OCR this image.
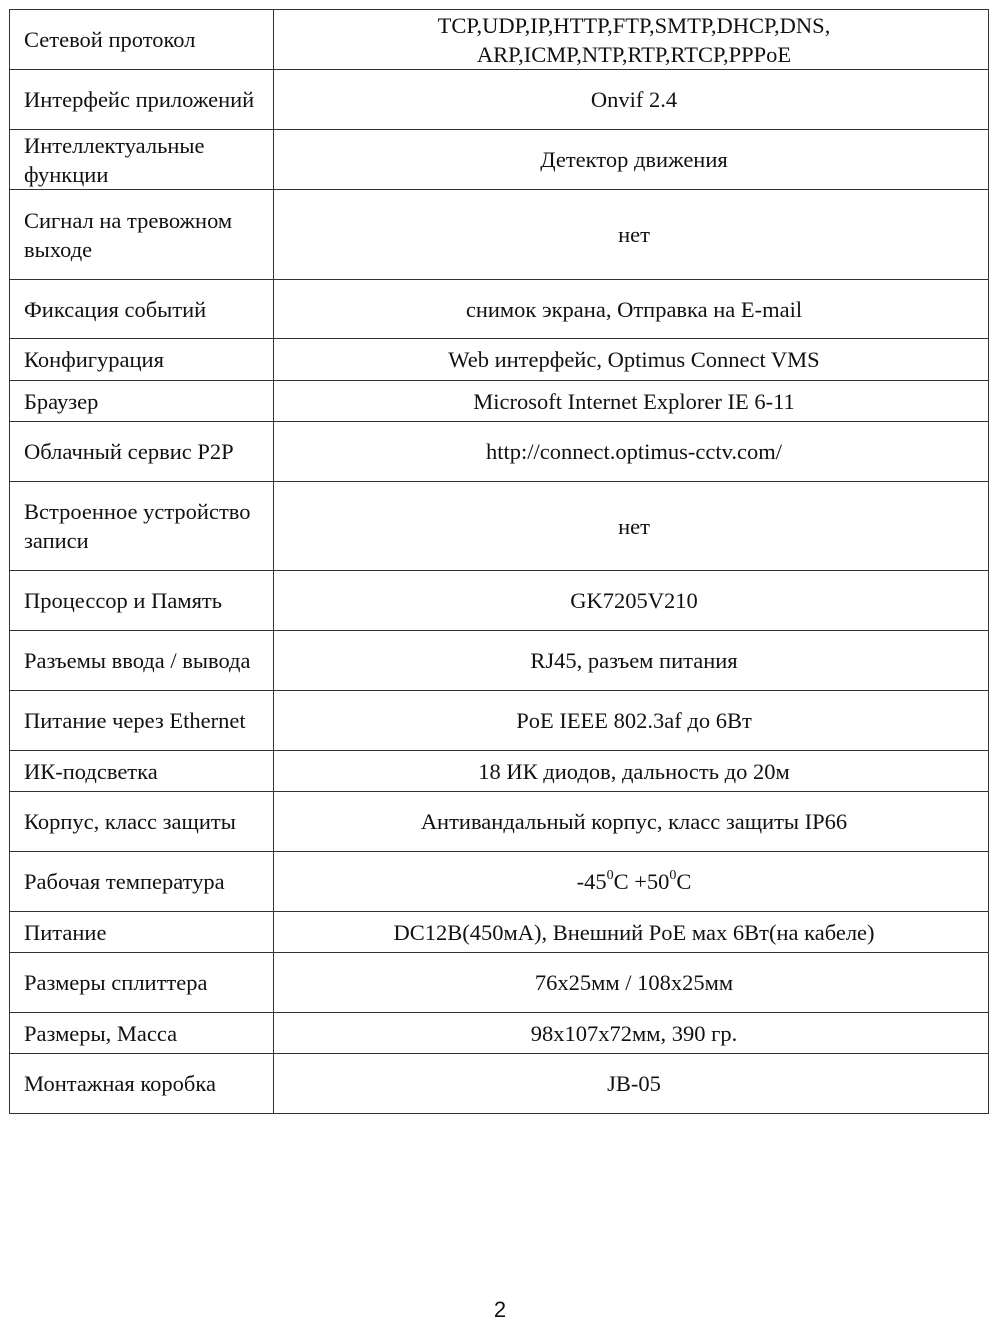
Сетевой протокол	TCP,UDP,IP,HTTP,FTP,SMTP,DHCP,DNS, ARP,ICMP,NTP,RTP,RTCP,PPPoE
Интерфейс приложений	Onvif 2.4
Интеллектуальные функции	Детектор движения
Сигнал на тревожном выходе	нет
Фиксация событий	снимок экрана, Отправка на E-mail
Конфигурация	Web интерфейс, Optimus Connect VMS
Браузер	Microsoft Internet Explorer IE 6-11
Облачный сервис P2P	http://connect.optimus-cctv.com/
Встроенное устройство записи	нет
Процессор и Память	GK7205V210
Разъемы ввода / вывода	RJ45, разъем питания
Питание через Ethernet	PoE IEEE 802.3af до 6Вт
ИК-подсветка	18 ИК диодов, дальность до 20м
Корпус, класс защиты	Антивандальный корпус, класс защиты IP66
Рабочая температура	$-45^0C +50^0C$
Питание	DC12B(450мА), Внешний PoE мах 6Вт(на кабеле)
Размеры сплиттера	76х25мм / 108х25мм
Размеры, Масса	98x107x72мм, 390 гр.
Монтажная коробка	JB-05
2
